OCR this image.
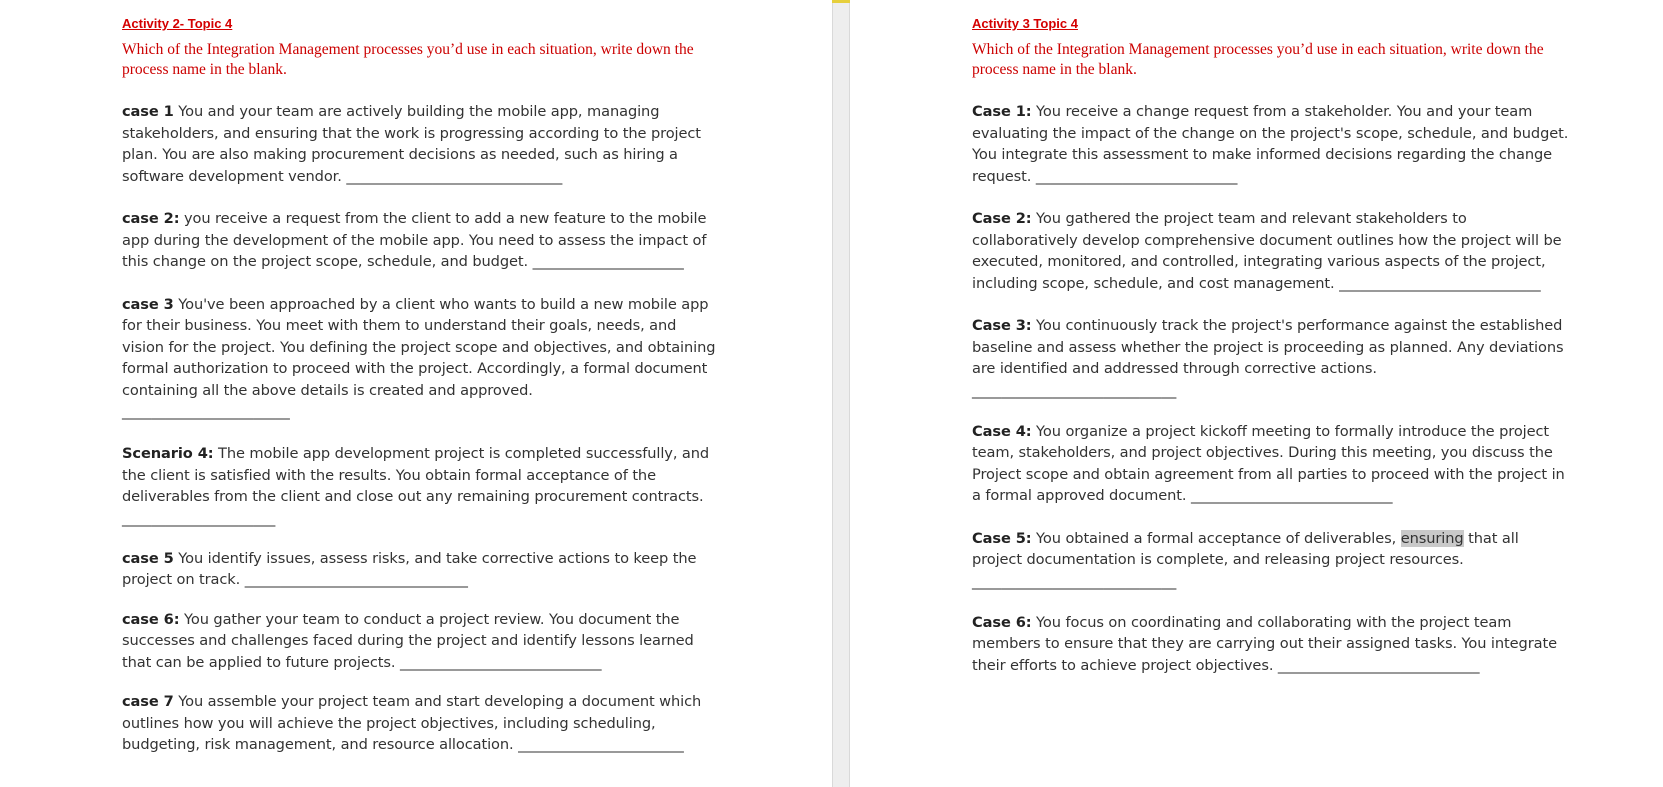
Activity 2- Topic 4
Which of the Integration Management processes you’d use in each situation, write down the process name in the blank.

case 1 You and your team are actively building the mobile app, managing stakeholders, and ensuring that the work is progressing according to the project plan. You are also making procurement decisions as needed, such as hiring a software development vendor. ______________________________

case 2: you receive a request from the client to add a new feature to the mobile app during the development of the mobile app. You need to assess the impact of this change on the project scope, schedule, and budget. _____________________

case 3 You've been approached by a client who wants to build a new mobile app for their business. You meet with them to understand their goals, needs, and vision for the project. You defining the project scope and objectives, and obtaining formal authorization to proceed with the project. Accordingly, a formal document containing all the above details is created and approved.

_______________________

Scenario 4: The mobile app development project is completed successfully, and the client is satisfied with the results. You obtain formal acceptance of the deliverables from the client and close out any remaining procurement contracts.

_____________________

case 5 You identify issues, assess risks, and take corrective actions to keep the project on track. _______________________________

case 6: You gather your team to conduct a project review. You document the successes and challenges faced during the project and identify lessons learned that can be applied to future projects. ____________________________

case 7 You assemble your project team and start developing a document which outlines how you will achieve the project objectives, including scheduling, budgeting, risk management, and resource allocation. _______________________

Activity 3 Topic 4
Which of the Integration Management processes you’d use in each situation, write down the process name in the blank.

Case 1: You receive a change request from a stakeholder. You and your team evaluating the impact of the change on the project's scope, schedule, and budget. You integrate this assessment to make informed decisions regarding the change request. ____________________________

Case 2: You gathered the project team and relevant stakeholders to collaboratively develop comprehensive document outlines how the project will be executed, monitored, and controlled, integrating various aspects of the project, including scope, schedule, and cost management. ____________________________

Case 3: You continuously track the project's performance against the established baseline and assess whether the project is proceeding as planned. Any deviations are identified and addressed through corrective actions.

____________________________

Case 4: You organize a project kickoff meeting to formally introduce the project team, stakeholders, and project objectives. During this meeting, you discuss the Project scope and obtain agreement from all parties to proceed with the project in a formal approved document. ____________________________

Case 5: You obtained a formal acceptance of deliverables, ensuring that all project documentation is complete, and releasing project resources.

____________________________

Case 6: You focus on coordinating and collaborating with the project team members to ensure that they are carrying out their assigned tasks. You integrate their efforts to achieve project objectives. ____________________________
